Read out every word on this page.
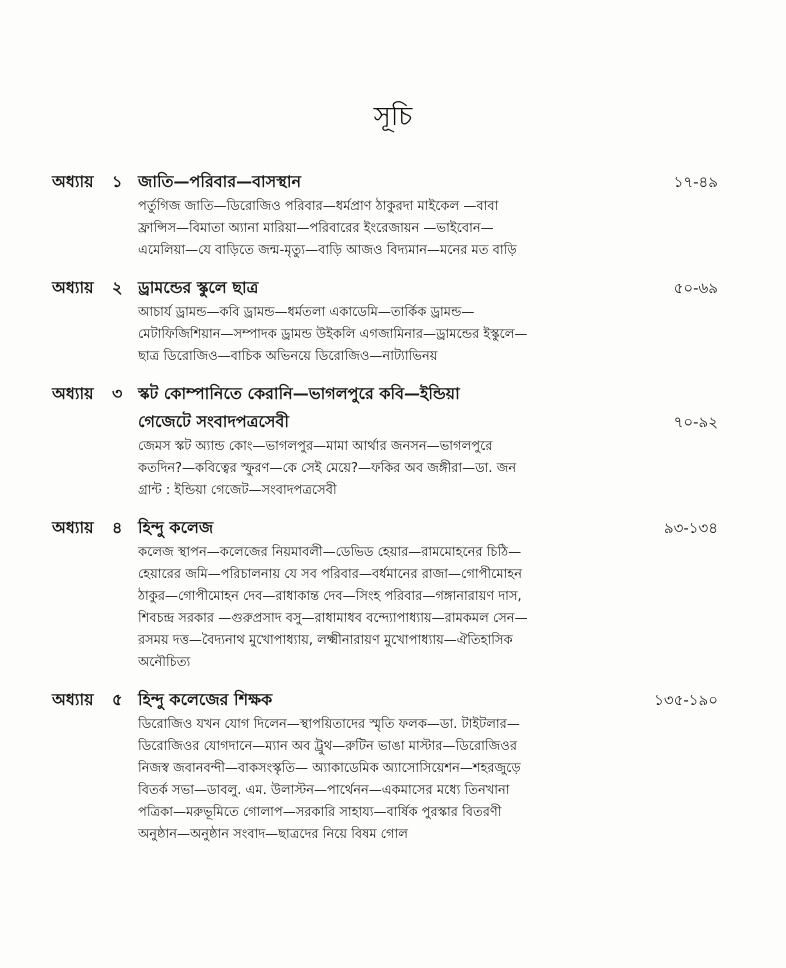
সূচি
অধ্যায়	১ জাতি—পরিবার—বাসস্থান	১৭-৪৯
পর্তুগিজ জাতি—ডিরোজিও পরিবার—ধর্মপ্রাণ ঠাকুরদা মাইকেল —বাবা
ফ্রান্সিস—বিমাতা অ্যানা মারিয়া—পরিবারের ইংরেজায়ন —ভাইবোন—
এমেলিয়া—যে বাড়িতে জন্ম-মৃত্যু—বাড়ি আজও বিদ্যমান—মনের মত বাড়ি
অধ্যায়	২ ড্রামন্ডের স্কুলে ছাত্র	৫০-৬৯
আচার্য ড্রামন্ড—কবি ড্রামন্ড—ধর্মতলা একাডেমি—তার্কিক ড্রামন্ড—
মেটাফিজিশিয়ান—সম্পাদক ড্রামন্ড উইকলি এগজামিনার—ড্রামন্ডের ইস্কুলে—
ছাত্র ডিরোজিও—বাচিক অভিনয়ে ডিরোজিও—নাট্যাভিনয়
অধ্যায়	৩ স্কট কোম্পানিতে কেরানি—ভাগলপুরে কবি—ইন্ডিয়া
গেজেটে সংবাদপত্রসেবী	৭০-৯২
জেমস স্কট অ্যান্ড কোং—ভাগলপুর—মামা আর্থার জনসন—ভাগলপুরে
কতদিন?—কবিত্বের স্ফুরণ—কে সেই মেয়ে?—ফকির অব জঙ্গীরা—ডা. জন
গ্রান্ট : ইন্ডিয়া গেজেট—সংবাদপত্রসেবী
অধ্যায়	৪ হিন্দু কলেজ	৯৩-১৩৪
কলেজ স্থাপন—কলেজের নিয়মাবলী—ডেভিড হেয়ার—রামমোহনের চিঠি—
হেয়ারের জমি—পরিচালনায় যে সব পরিবার—বর্ধমানের রাজা—গোপীমোহন
ঠাকুর—গোপীমোহন দেব—রাধাকান্ত দেব—সিংহ পরিবার—গঙ্গানারায়ণ দাস,
শিবচন্দ্র সরকার —গুরুপ্রসাদ বসু—রাধামাধব বন্দ্যোপাধ্যায়—রামকমল সেন—
রসময় দত্ত—বৈদ্যনাথ মুখোপাধ্যায়, লক্ষ্মীনারায়ণ মুখোপাধ্যায়—ঐতিহাসিক
অনৌচিত্য
অধ্যায়	৫ হিন্দু কলেজের শিক্ষক	১৩৫-১৯০
ডিরোজিও যখন যোগ দিলেন—স্থাপয়িতাদের স্মৃতি ফলক—ডা. টাইটলার—
ডিরোজিওর যোগদানে—ম্যান অব ট্রুথ—রুটিন ভাঙা মাস্টার—ডিরোজিওর
নিজস্ব জবানবন্দী—বাকসংস্কৃতি— অ্যাকাডেমিক অ্যাসোসিয়েশন—শহরজুড়ে
বিতর্ক সভা—ডাবলু. এম. উলাস্টন—পার্থেনন—একমাসের মধ্যে তিনখানা
পত্রিকা—মরুভূমিতে গোলাপ—সরকারি সাহায্য—বার্ষিক পুরস্কার বিতরণী
অনুষ্ঠান—অনুষ্ঠান সংবাদ—ছাত্রদের নিয়ে বিষম গোল
